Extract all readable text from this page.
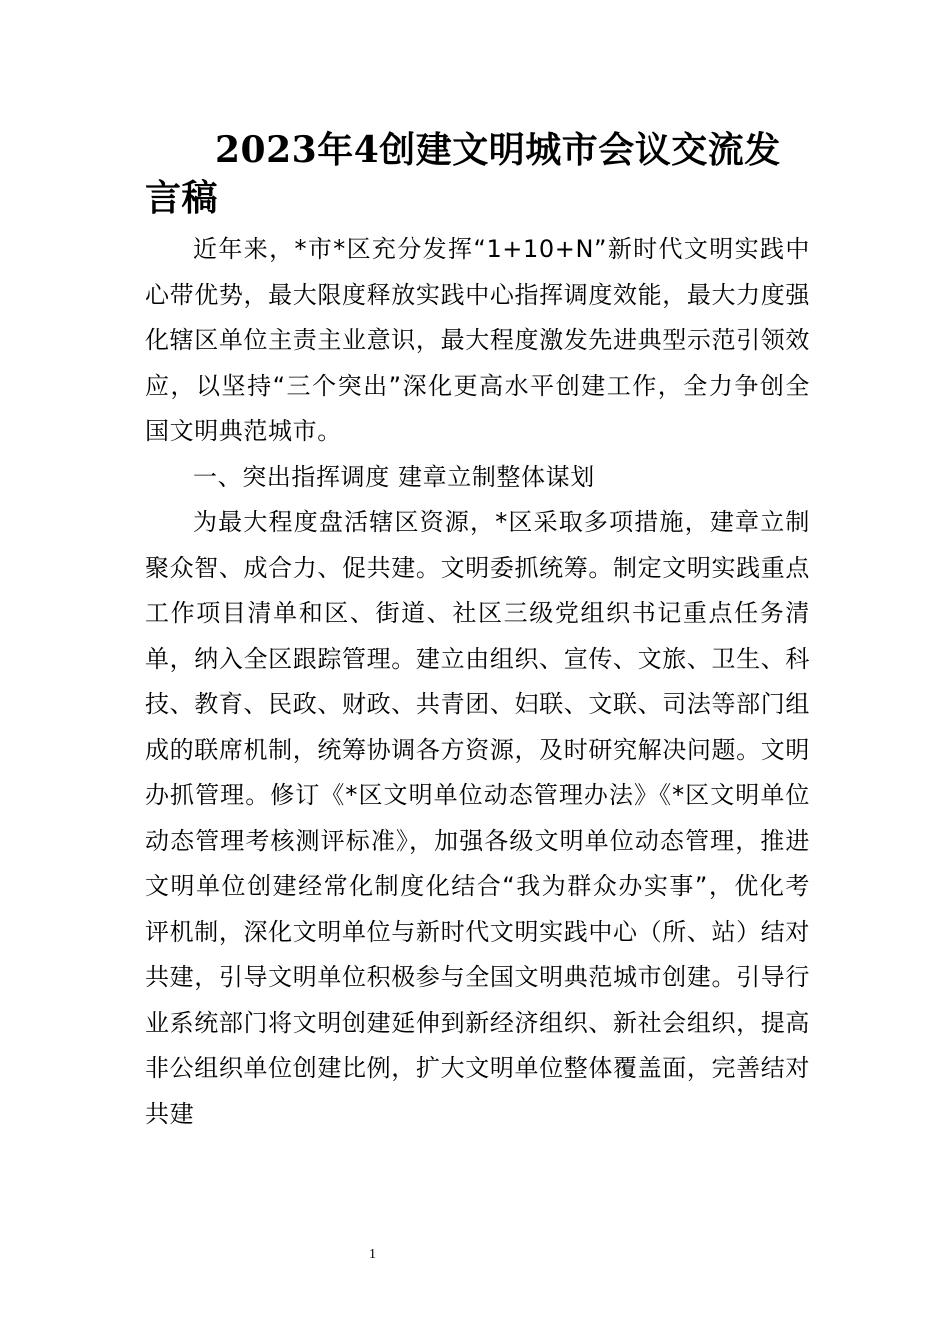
2023年4创建文明城市会议交流发言稿

近年来，*市*区充分发挥“1+10+N”新时代文明实践中心带优势，最大限度释放实践中心指挥调度效能，最大力度强化辖区单位主责主业意识，最大程度激发先进典型示范引领效应，以坚持“三个突出”深化更高水平创建工作，全力争创全国文明典范城市。

一、突出指挥调度 建章立制整体谋划

为最大程度盘活辖区资源，*区采取多项措施，建章立制聚众智、成合力、促共建。文明委抓统筹。制定文明实践重点工作项目清单和区、街道、社区三级党组织书记重点任务清单，纳入全区跟踪管理。建立由组织、宣传、文旅、卫生、科技、教育、民政、财政、共青团、妇联、文联、司法等部门组成的联席机制，统筹协调各方资源，及时研究解决问题。文明办抓管理。修订《*区文明单位动态管理办法》《*区文明单位动态管理考核测评标准》，加强各级文明单位动态管理，推进文明单位创建经常化制度化结合“我为群众办实事”，优化考评机制，深化文明单位与新时代文明实践中心（所、站）结对共建，引导文明单位积极参与全国文明典范城市创建。引导行业系统部门将文明创建延伸到新经济组织、新社会组织，提高非公组织单位创建比例，扩大文明单位整体覆盖面，完善结对共建

1
